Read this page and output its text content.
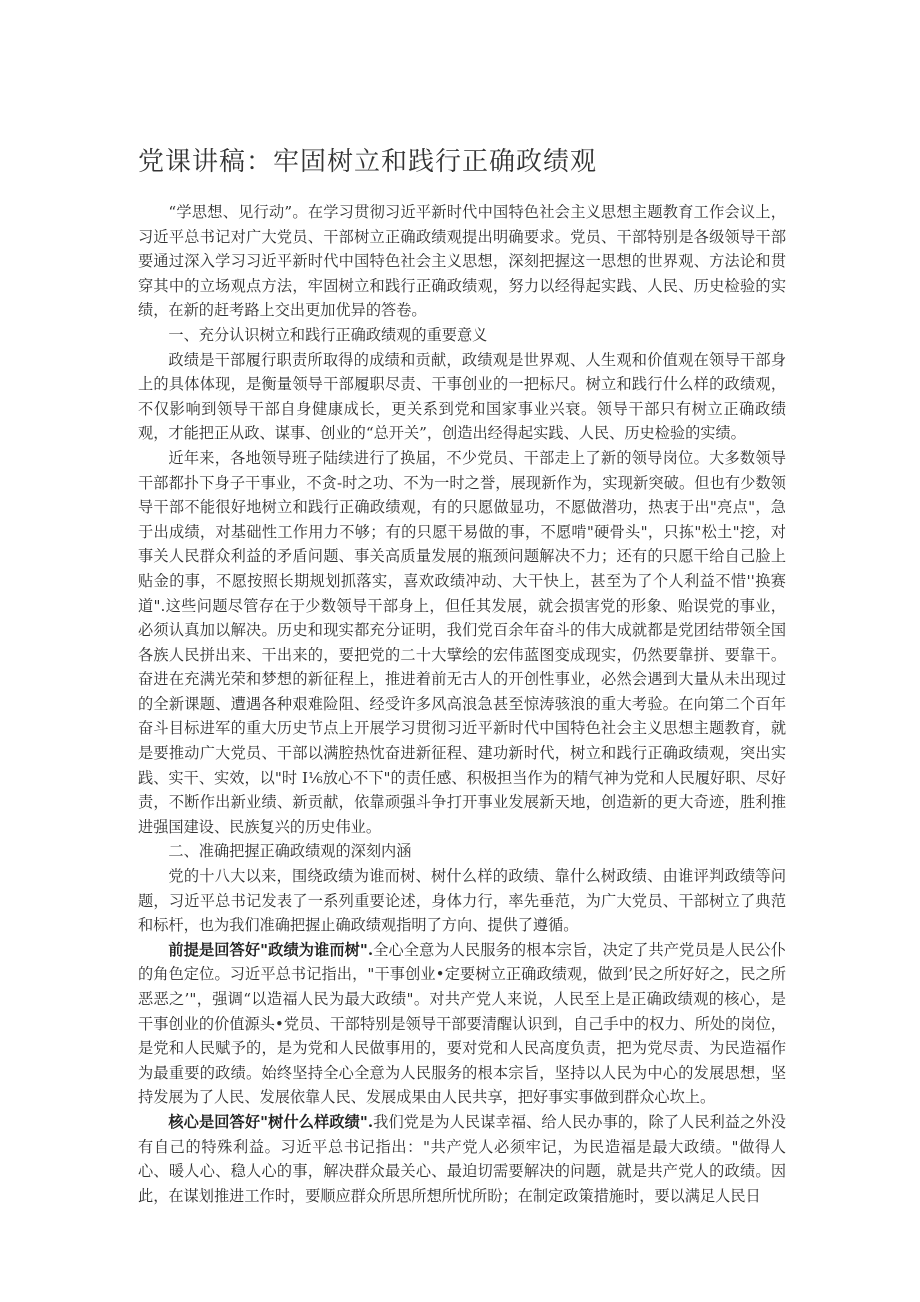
党课讲稿：牢固树立和践行正确政绩观

“学思想、见行动”。在学习贯彻习近平新时代中国特色社会主义思想主题教育工作会议上，习近平总书记对广大党员、干部树立正确政绩观提出明确要求。党员、干部特别是各级领导干部要通过深入学习习近平新时代中国特色社会主义思想，深刻把握这一思想的世界观、方法论和贯穿其中的立场观点方法，牢固树立和践行正确政绩观，努力以经得起实践、人民、历史检验的实绩，在新的赶考路上交出更加优异的答卷。

一、充分认识树立和践行正确政绩观的重要意义

政绩是干部履行职责所取得的成绩和贡献，政绩观是世界观、人生观和价值观在领导干部身上的具体体现，是衡量领导干部履职尽责、干事创业的一把标尺。树立和践行什么样的政绩观，不仅影响到领导干部自身健康成长，更关系到党和国家事业兴衰。领导干部只有树立正确政绩观，才能把正从政、谋事、创业的“总开关”，创造出经得起实践、人民、历史检验的实绩。

近年来，各地领导班子陆续进行了换届，不少党员、干部走上了新的领导岗位。大多数领导干部都扑下身子干事业，不贪-时之功、不为一时之誉，展现新作为，实现新突破。但也有少数领导干部不能很好地树立和践行正确政绩观，有的只愿做显功，不愿做潜功，热衷于出"亮点"，急于出成绩，对基础性工作用力不够；有的只愿干易做的事，不愿啃"硬骨头"，只拣"松土"挖，对事关人民群众利益的矛盾问题、事关高质量发展的瓶颈问题解决不力；还有的只愿干给自己脸上贴金的事，不愿按照长期规划抓落实，喜欢政绩冲动、大干快上，甚至为了个人利益不惜''换赛道".这些问题尽管存在于少数领导干部身上，但任其发展，就会损害党的形象、贻误党的事业，必须认真加以解决。历史和现实都充分证明，我们党百余年奋斗的伟大成就都是党团结带领全国各族人民拼出来、干出来的，要把党的二十大擘绘的宏伟蓝图变成现实，仍然要靠拼、要靠干。奋进在充满光荣和梦想的新征程上，推进着前无古人的开创性事业，必然会遇到大量从未出现过的全新课题、遭遇各种艰难险阻、经受许多风高浪急甚至惊涛骇浪的重大考验。在向第二个百年奋斗目标进军的重大历史节点上开展学习贯彻习近平新时代中国特色社会主义思想主题教育，就是要推动广大党员、干部以满腔热忱奋进新征程、建功新时代，树立和践行正确政绩观，突出实践、实干、实效，以"时 I⅙放心不下"的责任感、积极担当作为的精气神为党和人民履好职、尽好责，不断作出新业绩、新贡献，依靠顽强斗争打开事业发展新天地，创造新的更大奇迹，胜利推进强国建设、民族复兴的历史伟业。

二、准确把握正确政绩观的深刻内涵

党的十八大以来，围绕政绩为谁而树、树什么样的政绩、靠什么树政绩、由谁评判政绩等问题，习近平总书记发表了一系列重要论述，身体力行，率先垂范，为广大党员、干部树立了典范和标杆，也为我们准确把握止确政绩观指明了方向、提供了遵循。

前提是回答好"政绩为谁而树".全心全意为人民服务的根本宗旨，决定了共产党员是人民公仆的角色定位。习近平总书记指出，"干事创业•定要树立正确政绩观，做到’民之所好好之，民之所恶恶之’"，强调“以造福人民为最大政绩"。对共产党人来说，人民至上是正确政绩观的核心，是干事创业的价值源头•党员、干部特别是领导干部要清醒认识到，自己手中的权力、所处的岗位，是党和人民赋予的，是为党和人民做事用的，要对党和人民高度负责，把为党尽责、为民造福作为最重要的政绩。始终坚持全心全意为人民服务的根本宗旨，坚持以人民为中心的发展思想，坚持发展为了人民、发展依靠人民、发展成果由人民共享，把好事实事做到群众心坎上。

核心是回答好"树什么样政绩".我们党是为人民谋幸福、给人民办事的，除了人民利益之外没有自己的特殊利益。习近平总书记指出："共产党人必须牢记，为民造福是最大政绩。"做得人心、暖人心、稳人心的事，解决群众最关心、最迫切需要解决的问题，就是共产党人的政绩。因此，在谋划推进工作时，要顺应群众所思所想所忧所盼；在制定政策措施时，要以满足人民日
